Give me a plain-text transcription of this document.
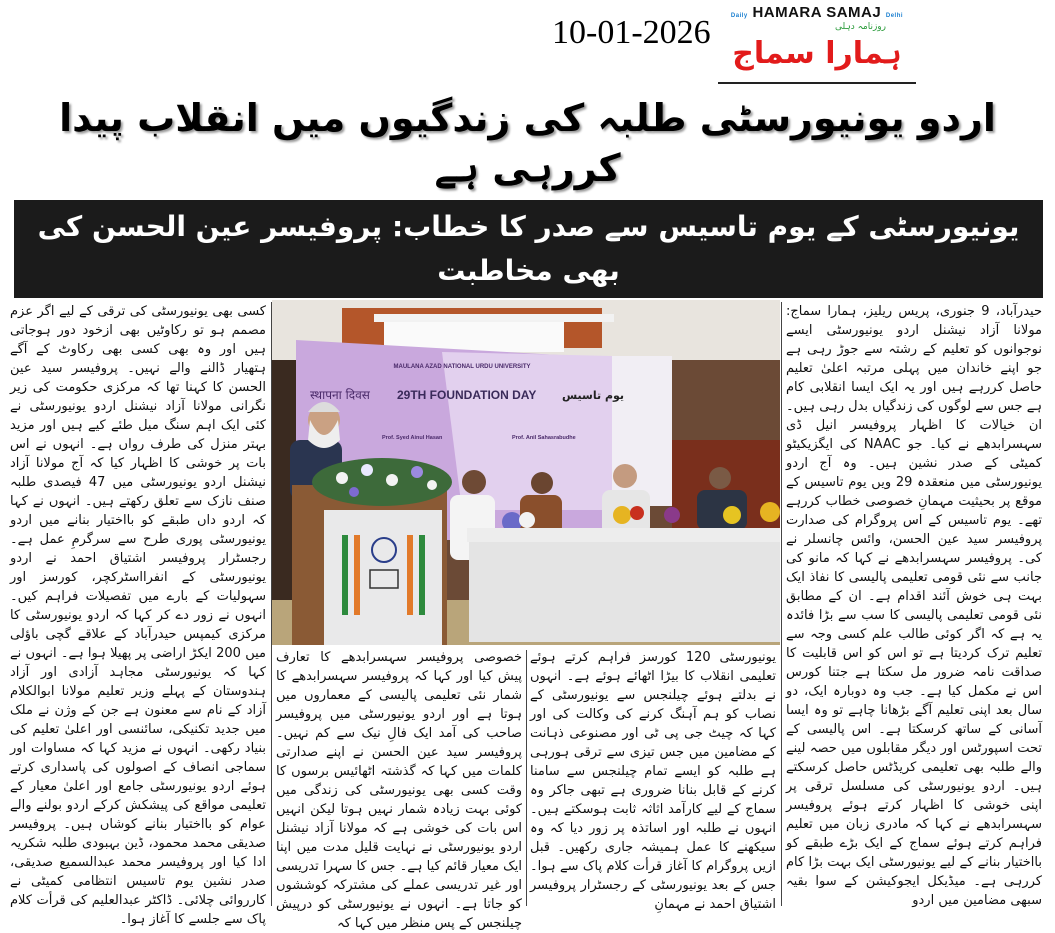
10-01-2026	Daily HAMARA SAMAJ Delhi
روزنامہ دہلی
ہمارا سماج
اردو یونیورسٹی طلبہ کی زندگیوں میں انقلاب پیدا کررہی ہے
یونیورسٹی کے یوم تاسیس سے صدر کا خطاب: پروفیسر عین الحسن کی بھی مخاطبت
کسی بھی یونیورسٹی کی ترقی کے لیے اگر عزم مصمم ہو تو رکاوٹیں بھی ازخود دور ہوجاتی ہیں اور وہ بھی کسی بھی رکاوٹ کے آگے ہتھیار ڈالنے والے نہیں۔ پروفیسر سید عین الحسن کا کہنا تھا کہ مرکزی حکومت کی زیر نگرانی مولانا آزاد نیشنل اردو یونیورسٹی نے کئی ایک اہم سنگ میل طئے کیے ہیں اور مزید بہتر منزل کی طرف رواں ہے۔ انہوں نے اس بات پر خوشی کا اظہار کیا کہ آج مولانا آزاد نیشنل اردو یونیورسٹی میں 47 فیصدی طلبہ صنف نازک سے تعلق رکھتے ہیں۔ انہوں نے کہا کہ اردو داں طبقے کو بااختیار بنانے میں اردو یونیورسٹی پوری طرح سے سرگرمِ عمل ہے۔ رجسٹرار پروفیسر اشتیاق احمد نے اردو یونیورسٹی کے انفرااسٹرکچر، کورسز اور سہولیات کے بارے میں تفصیلات فراہم کیں۔ انہوں نے زور دے کر کہا کہ اردو یونیورسٹی کا مرکزی کیمپس حیدرآباد کے علاقے گچی باؤلی میں 200 ایکڑ اراضی پر پھیلا ہوا ہے۔ انہوں نے کہا کہ یونیورسٹی مجاہد آزادی اور آزاد ہندوستان کے پہلے وزیر تعلیم مولانا ابوالکلام آزاد کے نام سے معنون ہے جن کے وژن نے ملک میں جدید تکنیکی، سائنسی اور اعلیٰ تعلیم کی بنیاد رکھی۔ انہوں نے مزید کہا کہ مساوات اور سماجی انصاف کے اصولوں کی پاسداری کرتے ہوئے اردو یونیورسٹی جامع اور اعلیٰ معیار کے تعلیمی مواقع کی پیشکش کرکے اردو بولنے والے عوام کو بااختیار بنانے کوشاں ہیں۔ پروفیسر صدیقی محمد محمود، ڈین بہبودی طلبہ شکریہ ادا کیا اور پروفیسر محمد عبدالسمیع صدیقی، صدر نشین یوم تاسیس انتظامی کمیٹی نے کارروائی چلائی۔ ڈاکٹر عبدالعلیم کی قرأت کلام پاک سے جلسے کا آغاز ہوا۔
MAULANA AZAD NATIONAL URDU UNIVERSITY
स्थापना दिवस 29TH FOUNDATION DAY یوم تاسیس
Prof. Syed Ainul Hasan	Prof. Anil Sahasrabudhe
خصوصی پروفیسر سہسرابدھے کا تعارف پیش کیا اور کہا کہ پروفیسر سہسرابدھے کا شمار نئی تعلیمی پالیسی کے معماروں میں ہوتا ہے اور اردو یونیورسٹی میں پروفیسر صاحب کی آمد ایک فالِ نیک سے کم نہیں۔ پروفیسر سید عین الحسن نے اپنے صدارتی کلمات میں کہا کہ گذشتہ اٹھائیس برسوں کا وقت کسی بھی یونیورسٹی کی زندگی میں کوئی بہت زیادہ شمار نہیں ہوتا لیکن انہیں اس بات کی خوشی ہے کہ مولانا آزاد نیشنل اردو یونیورسٹی نے نہایت قلیل مدت میں اپنا ایک معیار قائم کیا ہے۔ جس کا سہرا تدریسی اور غیر تدریسی عملے کی مشترکہ کوششوں کو جاتا ہے۔ انہوں نے یونیورسٹی کو درپیش چیلنجس کے پس منظر میں کہا کہ
یونیورسٹی 120 کورسز فراہم کرتے ہوئے تعلیمی انقلاب کا بیڑا اٹھائے ہوئے ہے۔ انہوں نے بدلتے ہوئے چیلنجس سے یونیورسٹی کے نصاب کو ہم آہنگ کرنے کی وکالت کی اور کہا کہ چیٹ جی پی ٹی اور مصنوعی ذہانت کے مضامین میں جس تیزی سے ترقی ہورہی ہے طلبہ کو ایسے تمام چیلنجس سے سامنا کرنے کے قابل بنانا ضروری ہے تبھی جاکر وہ سماج کے لیے کارآمد اثاثہ ثابت ہوسکتے ہیں۔ انہوں نے طلبہ اور اساتذہ پر زور دیا کہ وہ سیکھنے کا عمل ہمیشہ جاری رکھیں۔ قبل ازیں پروگرام کا آغاز قرأت کلام پاک سے ہوا۔ جس کے بعد یونیورسٹی کے رجسٹرار پروفیسر اشتیاق احمد نے مہمانِ
حیدرآباد، 9 جنوری، پریس ریلیز، ہمارا سماج: مولانا آزاد نیشنل اردو یونیورسٹی ایسے نوجوانوں کو تعلیم کے رشتہ سے جوڑ رہی ہے جو اپنے خاندان میں پہلی مرتبہ اعلیٰ تعلیم حاصل کررہے ہیں اور یہ ایک ایسا انقلابی کام ہے جس سے لوگوں کی زندگیاں بدل رہی ہیں۔ ان خیالات کا اظہار پروفیسر انیل ڈی سہسرابدھے نے کیا۔ جو NAAC کی ایگزیکیٹو کمیٹی کے صدر نشین ہیں۔ وہ آج اردو یونیورسٹی میں منعقدہ 29 ویں یوم تاسیس کے موقع پر بحیثیت مہمانِ خصوصی خطاب کررہے تھے۔ یوم تاسیس کے اس پروگرام کی صدارت پروفیسر سید عین الحسن، وائس چانسلر نے کی۔ پروفیسر سہسرابدھے نے کہا کہ مانو کی جانب سے نئی قومی تعلیمی پالیسی کا نفاذ ایک بہت ہی خوش آئند اقدام ہے۔ ان کے مطابق نئی قومی تعلیمی پالیسی کا سب سے بڑا فائدہ یہ ہے کہ اگر کوئی طالب علم کسی وجہ سے تعلیم ترک کردیتا ہے تو اس کو اس قابلیت کا صداقت نامہ ضرور مل سکتا ہے جتنا کورس اس نے مکمل کیا ہے۔ جب وہ دوبارہ ایک، دو سال بعد اپنی تعلیم آگے بڑھانا چاہے تو وہ ایسا آسانی کے ساتھ کرسکتا ہے۔ اس پالیسی کے تحت اسپورٹس اور دیگر مقابلوں میں حصہ لینے والے طلبہ بھی تعلیمی کریڈٹس حاصل کرسکتے ہیں۔ اردو یونیورسٹی کی مسلسل ترقی پر اپنی خوشی کا اظہار کرتے ہوئے پروفیسر سہسرابدھے نے کہا کہ مادری زبان میں تعلیم فراہم کرتے ہوئے سماج کے ایک بڑے طبقے کو بااختیار بنانے کے لیے یونیورسٹی ایک بہت بڑا کام کررہی ہے۔ میڈیکل ایجوکیشن کے سوا بقیہ سبھی مضامین میں اردو
